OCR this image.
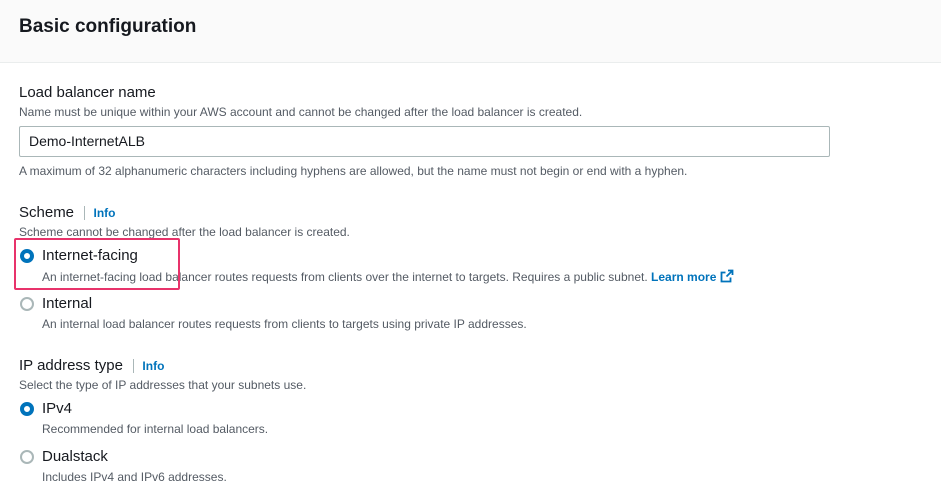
Basic configuration
Load balancer name
Name must be unique within your AWS account and cannot be changed after the load balancer is created.
Demo-InternetALB
A maximum of 32 alphanumeric characters including hyphens are allowed, but the name must not begin or end with a hyphen.
Scheme Info
Scheme cannot be changed after the load balancer is created.
Internet-facing
An internet-facing load balancer routes requests from clients over the internet to targets. Requires a public subnet. Learn more
Internal
An internal load balancer routes requests from clients to targets using private IP addresses.
IP address type Info
Select the type of IP addresses that your subnets use.
IPv4
Recommended for internal load balancers.
Dualstack
Includes IPv4 and IPv6 addresses.
